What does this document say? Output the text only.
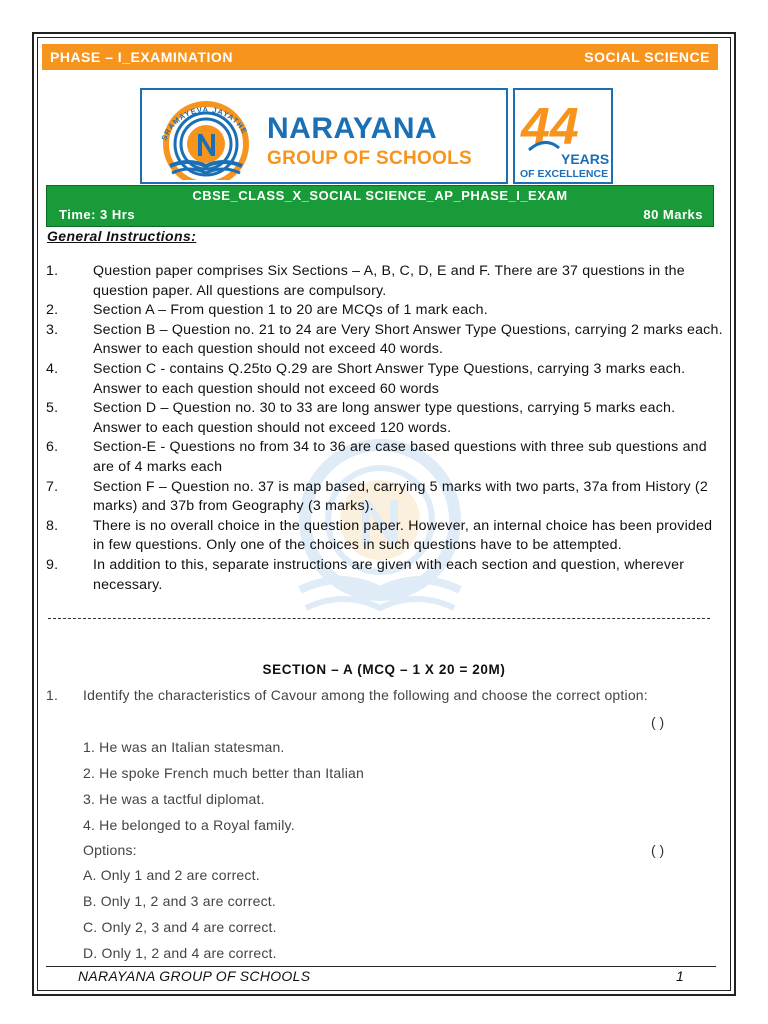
PHASE – I_EXAMINATION	SOCIAL SCIENCE
SRAMAYEVA JAYATHE NARAYANA
GROUP OF SCHOOLS
44
YEARS
OF EXCELLENCE
CBSE_CLASS_X_SOCIAL SCIENCE_AP_PHASE_I_EXAM
Time: 3 Hrs	80 Marks
General Instructions:
1.	Question paper comprises Six Sections – A, B, C, D, E and F. There are 37 questions in the question paper. All questions are compulsory.
2.	Section A – From question 1 to 20 are MCQs of 1 mark each.
3.	Section B – Question no. 21 to 24 are Very Short Answer Type Questions, carrying 2 marks each. Answer to each question should not exceed 40 words.
4.	Section C - contains Q.25to Q.29 are Short Answer Type Questions, carrying 3 marks each. Answer to each question should not exceed 60 words
5.	Section D – Question no. 30 to 33 are long answer type questions, carrying 5 marks each. Answer to each question should not exceed 120 words.
6.	Section-E - Questions no from 34 to 36 are case based questions with three sub questions and are of 4 marks each
7.	Section F – Question no. 37 is map based, carrying 5 marks with two parts, 37a from History (2 marks) and 37b from Geography (3 marks).
8.	There is no overall choice in the question paper. However, an internal choice has been provided in few questions. Only one of the choices in such questions have to be attempted.
9.	In addition to this, separate instructions are given with each section and question, wherever necessary.
SECTION – A (MCQ – 1 X 20 = 20M)
1.	Identify the characteristics of Cavour among the following and choose the correct option:
( )
1. He was an Italian statesman.
2. He spoke French much better than Italian
3. He was a tactful diplomat.
4. He belonged to a Royal family.
Options:	( )
A. Only 1 and 2 are correct.
B. Only 1, 2 and 3 are correct.
C. Only 2, 3 and 4 are correct.
D. Only 1, 2 and 4 are correct.
NARAYANA GROUP OF SCHOOLS	1
